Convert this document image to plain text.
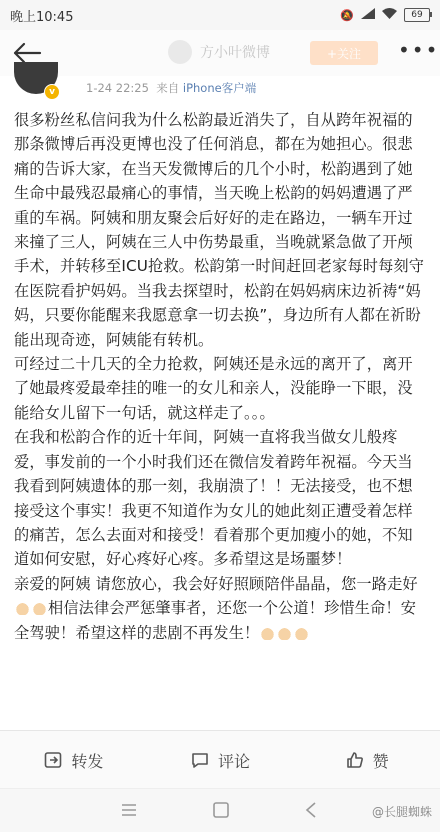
晚上10:45	🔕	69
方小叶微博	+关注	•••
v	1-24 22:25 来自 iPhone客户端

很多粉丝私信问我为什么松韵最近消失了，自从跨年祝福的那条微博后再没更博也没了任何消息，都在为她担心。很悲痛的告诉大家，在当天发微博后的几个小时，松韵遇到了她生命中最残忍最痛心的事情，当天晚上松韵的妈妈遭遇了严重的车祸。阿姨和朋友聚会后好好的走在路边，一辆车开过来撞了三人，阿姨在三人中伤势最重，当晚就紧急做了开颅手术，并转移至ICU抢救。松韵第一时间赶回老家每时每刻守在医院看护妈妈。当我去探望时，松韵在妈妈病床边祈祷“妈妈，只要你能醒来我愿意拿一切去换”，身边所有人都在祈盼能出现奇迹，阿姨能有转机。

可经过二十几天的全力抢救，阿姨还是永远的离开了，离开了她最疼爱最牵挂的唯一的女儿和亲人，没能睁一下眼，没能给女儿留下一句话，就这样走了。。。

在我和松韵合作的近十年间，阿姨一直将我当做女儿般疼爱，事发前的一个小时我们还在微信发着跨年祝福。今天当我看到阿姨遗体的那一刻，我崩溃了！！无法接受，也不想接受这个事实！我更不知道作为女儿的她此刻正遭受着怎样的痛苦，怎么去面对和接受！看着那个更加瘦小的她，不知道如何安慰，好心疼好心疼。多希望这是场噩梦！

亲爱的阿姨 请您放心，我会好好照顾陪伴晶晶，您一路走好相信法律会严惩肇事者，还您一个公道！珍惜生命！安全驾驶！希望这样的悲剧不再发生！

转发	评论	赞
@长腿蜘蛛
